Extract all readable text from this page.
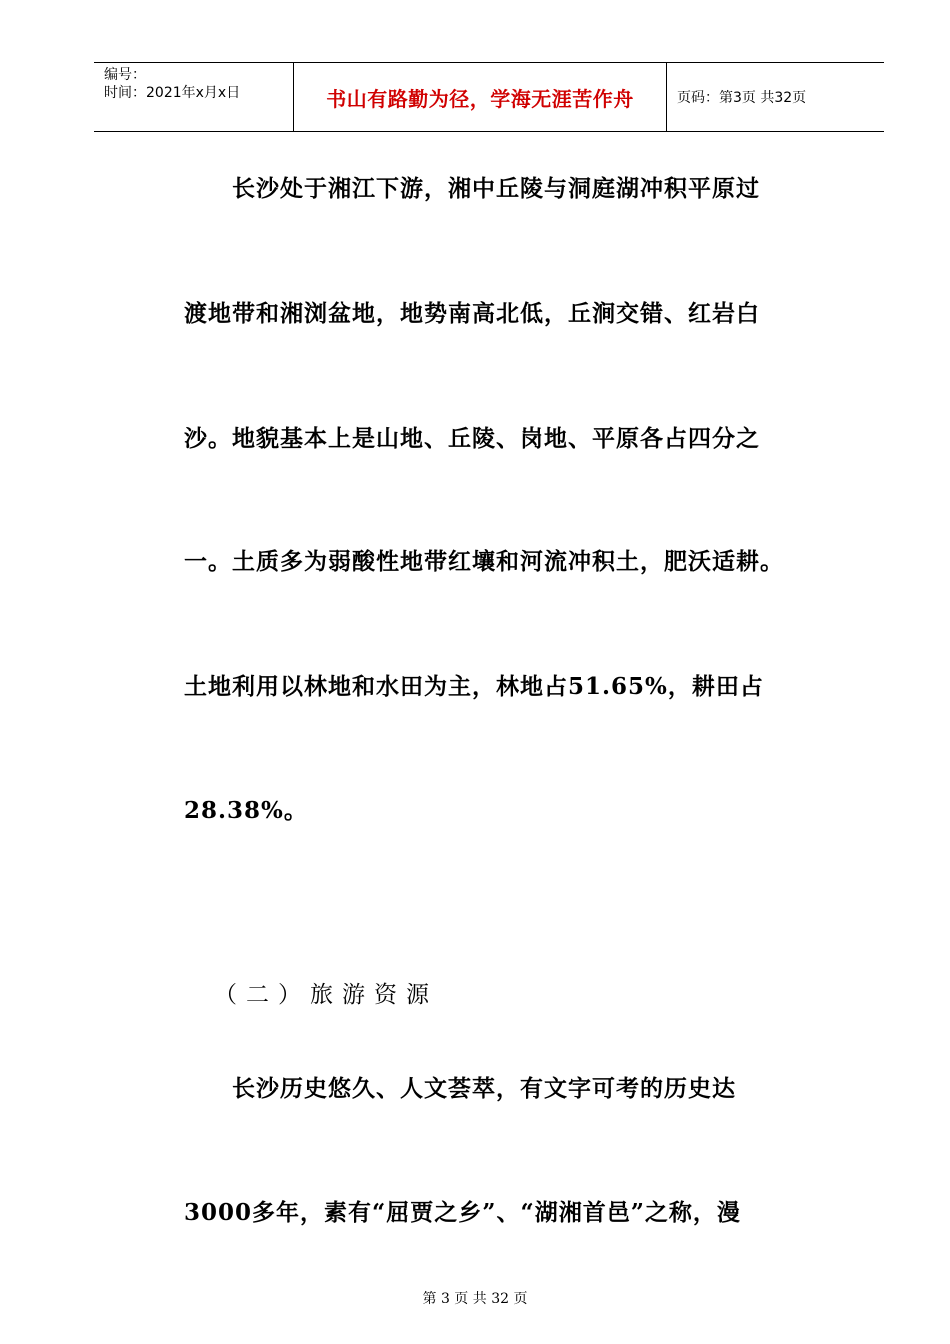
编号：
时间：2021年x月x日	书山有路勤为径，学海无涯苦作舟	页码：第3页 共32页
长沙处于湘江下游，湘中丘陵与洞庭湖冲积平原过
渡地带和湘浏盆地，地势南高北低，丘涧交错、红岩白
沙。地貌基本上是山地、丘陵、岗地、平原各占四分之
一。土质多为弱酸性地带红壤和河流冲积土，肥沃适耕。
土地利用以林地和水田为主，林地占51.65%，耕田占
28.38%。
（二）旅游资源
长沙历史悠久、人文荟萃，有文字可考的历史达
3000多年，素有“屈贾之乡”、“湖湘首邑”之称，漫
第 3 页 共 32 页
